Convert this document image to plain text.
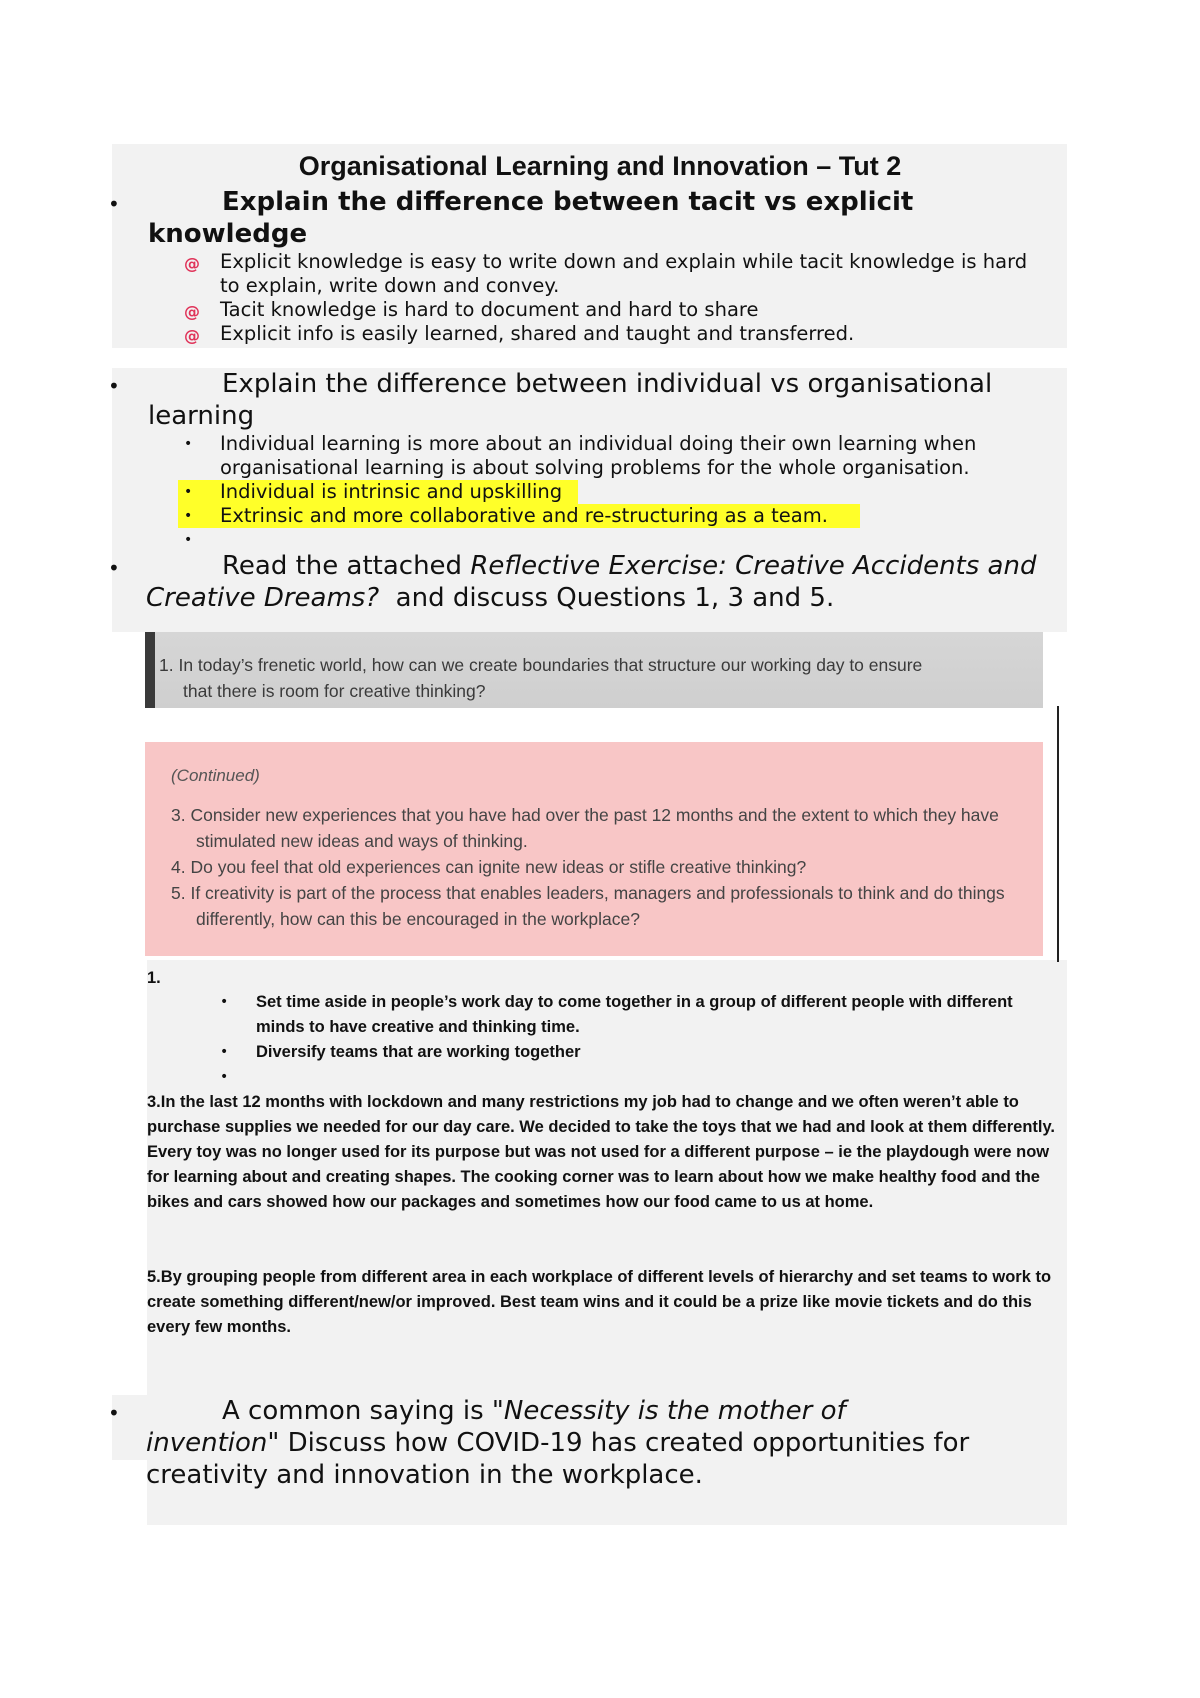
Organisational Learning and Innovation – Tut 2
•	Explain the difference between tacit vs explicit
knowledge
@ Explicit knowledge is easy to write down and explain while tacit knowledge is hard
to explain, write down and convey.
@ Tacit knowledge is hard to document and hard to share
@ Explicit info is easily learned, shared and taught and transferred.
•	Explain the difference between individual vs organisational
learning
• Individual learning is more about an individual doing their own learning when
organisational learning is about solving problems for the whole organisation.
• Individual is intrinsic and upskilling
• Extrinsic and more collaborative and re-structuring as a team.
•
•	Read the attached Reflective Exercise: Creative Accidents and
Creative Dreams?  and discuss Questions 1, 3 and 5.
1. In today’s frenetic world, how can we create boundaries that structure our working day to ensure
that there is room for creative thinking?
(Continued)
3. Consider new experiences that you have had over the past 12 months and the extent to which they have stimulated new ideas and ways of thinking.
4. Do you feel that old experiences can ignite new ideas or stifle creative thinking?
5. If creativity is part of the process that enables leaders, managers and professionals to think and do things differently, how can this be encouraged in the workplace?
1.
• Set time aside in people’s work day to come together in a group of different people with different
minds to have creative and thinking time.
• Diversify teams that are working together
•
3.In the last 12 months with lockdown and many restrictions my job had to change and we often weren’t able to purchase supplies we needed for our day care. We decided to take the toys that we had and look at them differently. Every toy was no longer used for its purpose but was not used for a different purpose – ie the playdough were now for learning about and creating shapes. The cooking corner was to learn about how we make healthy food and the bikes and cars showed how our packages and sometimes how our food came to us at home.
5.By grouping people from different area in each workplace of different levels of hierarchy and set teams to work to create something different/new/or improved. Best team wins and it could be a prize like movie tickets and do this every few months.
•	A common saying is "Necessity is the mother of
invention" Discuss how COVID-19 has created opportunities for
creativity and innovation in the workplace.
